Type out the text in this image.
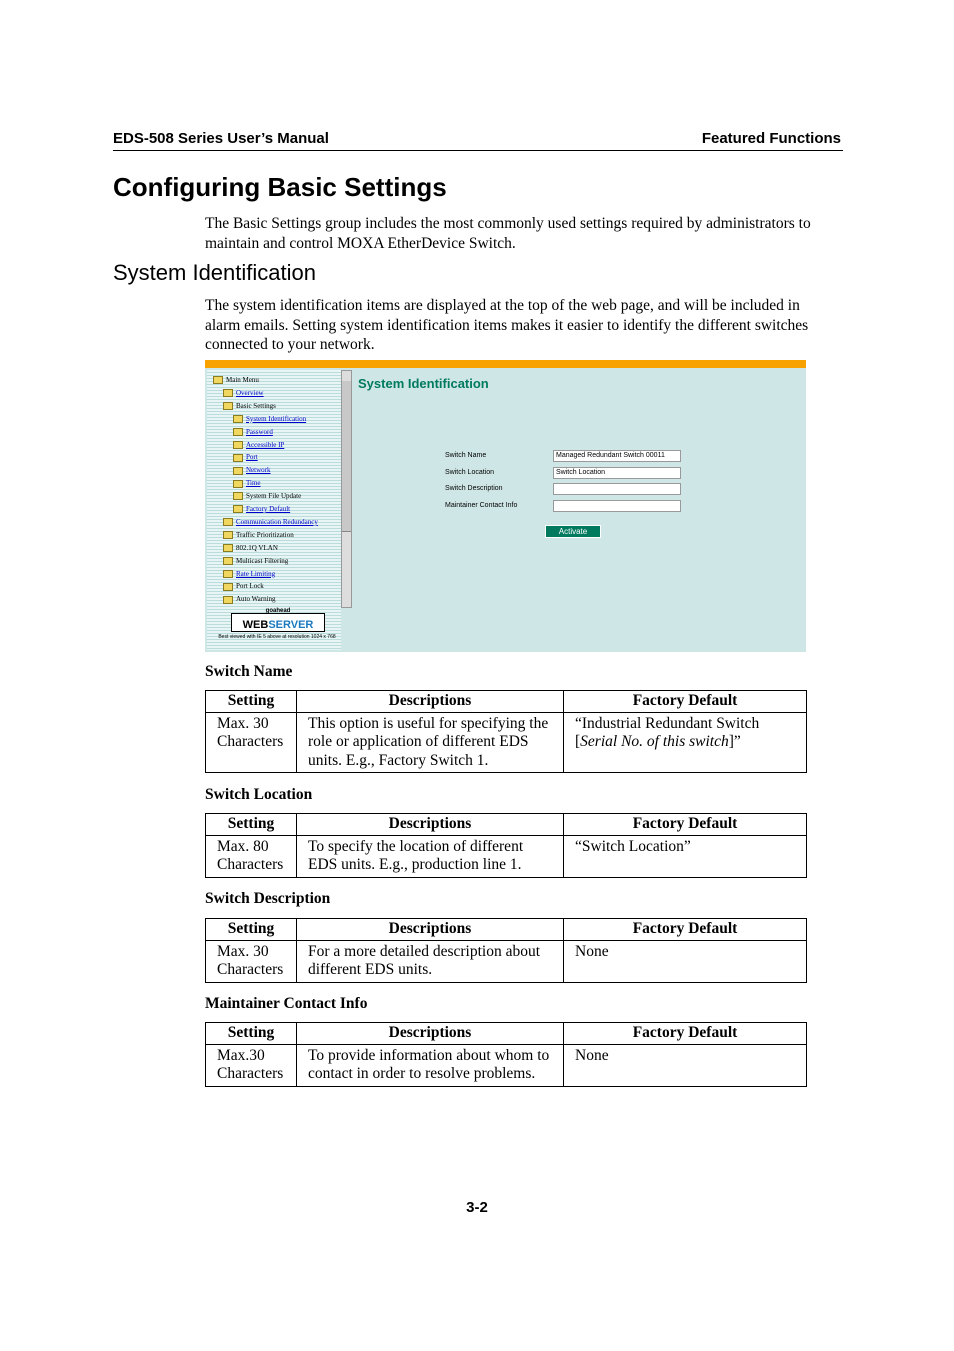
EDS-508 Series User’s Manual	Featured Functions
Configuring Basic Settings
The Basic Settings group includes the most commonly used settings required by administrators to maintain and control MOXA EtherDevice Switch.
System Identification
The system identification items are displayed at the top of the web page, and will be included in alarm emails. Setting system identification items makes it easier to identify the different switches connected to your network.
Main Menu
Overview
Basic Settings
System Identification
Password
Accessible IP
Port
Network
Time
System File Update
Factory Default
Communication Redundancy
Traffic Prioritization
802.1Q VLAN
Multicast Filtering
Rate Limiting
Port Lock
Auto Warning
goahead
WEBSERVER
Best viewed with IE 5 above at resolution 1024 x 768
System Identification
Switch Name	Managed Redundant Switch 00011
Switch Location	Switch Location
Switch Description
Maintainer Contact Info
Activate
Switch Name
Setting	Descriptions	Factory Default
Max. 30 Characters	This option is useful for specifying the role or application of different EDS units. E.g., Factory Switch 1.	“Industrial Redundant Switch [Serial No. of this switch]”
Switch Location
Setting	Descriptions	Factory Default
Max. 80 Characters	To specify the location of different EDS units. E.g., production line 1.	“Switch Location”
Switch Description
Setting	Descriptions	Factory Default
Max. 30 Characters	For a more detailed description about different EDS units.	None
Maintainer Contact Info
Setting	Descriptions	Factory Default
Max.30 Characters	To provide information about whom to contact in order to resolve problems.	None
3-2
